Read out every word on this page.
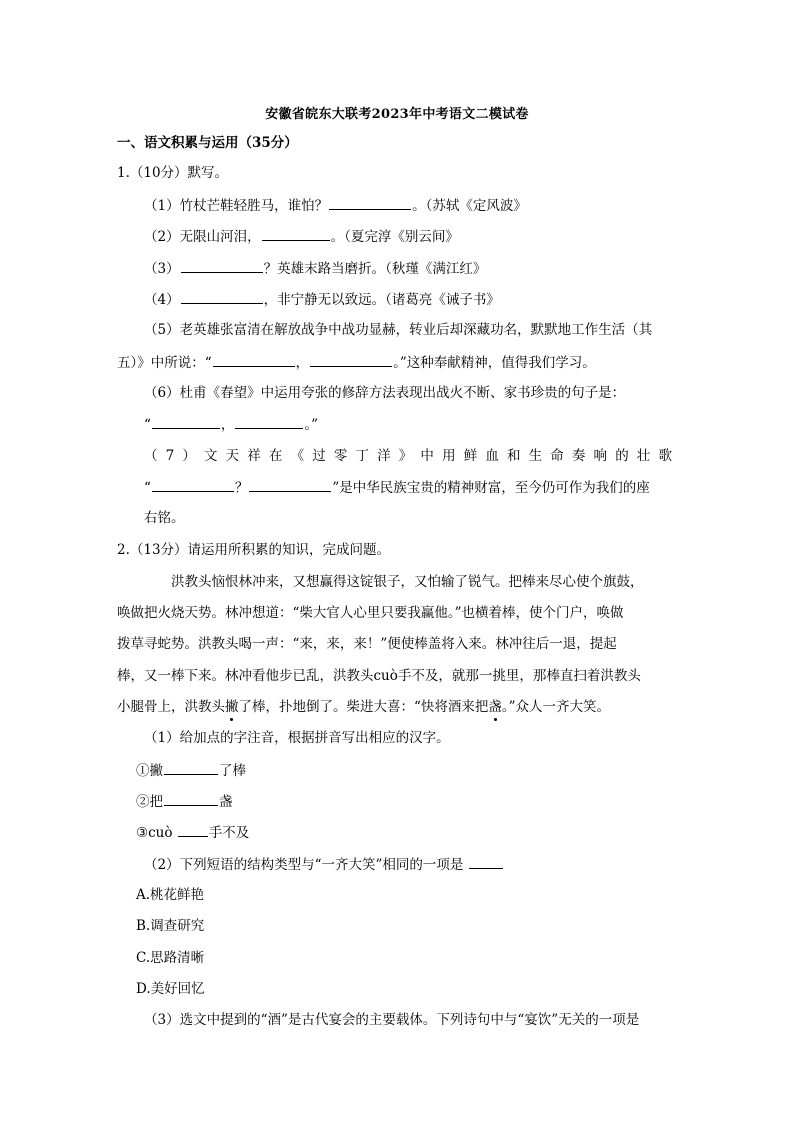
安徽省皖东大联考2023年中考语文二模试卷
一、语文积累与运用（35分）
1.（10分）默写。
（1）竹杖芒鞋轻胜马，谁怕？	。（苏轼《定风波》
（2）无限山河泪，	。（夏完淳《别云间》
（3）	？英雄末路当磨折。（秋瑾《满江红》
（4）	，非宁静无以致远。（诸葛亮《诫子书》
（5）老英雄张富清在解放战争中战功显赫，转业后却深藏功名，默默地工作生活（其
五）》中所说：“	，	。”这种奉献精神，值得我们学习。
（6）杜甫《春望》中运用夸张的修辞方法表现出战火不断、家书珍贵的句子是：
“	，	。”
（ 7 ） 文 天 祥 在 《 过 零 丁 洋 》 中 用 鲜 血 和 生 命 奏 响 的 壮 歌
“	？	”是中华民族宝贵的精神财富，至今仍可作为我们的座
右铭。
2.（13分）请运用所积累的知识，完成问题。
洪教头恼恨林冲来，又想赢得这锭银子，又怕输了锐气。把棒来尽心使个旗鼓，
唤做把火烧天势。林冲想道：“柴大官人心里只要我赢他。”也横着棒，使个门户，唤做
拨草寻蛇势。洪教头喝一声：“来，来，来！”便使棒盖将入来。林冲往后一退，提起
棒，又一棒下来。林冲看他步已乱，洪教头cuò手不及，就那一挑里，那棒直扫着洪教头
小腿骨上，洪教头撇了棒，扑地倒了。柴进大喜：“快将酒来把盏。”众人一齐大笑。
（1）给加点的字注音，根据拼音写出相应的汉字。
①撇	了棒
②把	盏
③cuò 手不及
（2）下列短语的结构类型与“一齐大笑”相同的一项是
A.桃花鲜艳
B.调查研究
C.思路清晰
D.美好回忆
（3）选文中提到的“酒”是古代宴会的主要载体。下列诗句中与“宴饮”无关的一项是
